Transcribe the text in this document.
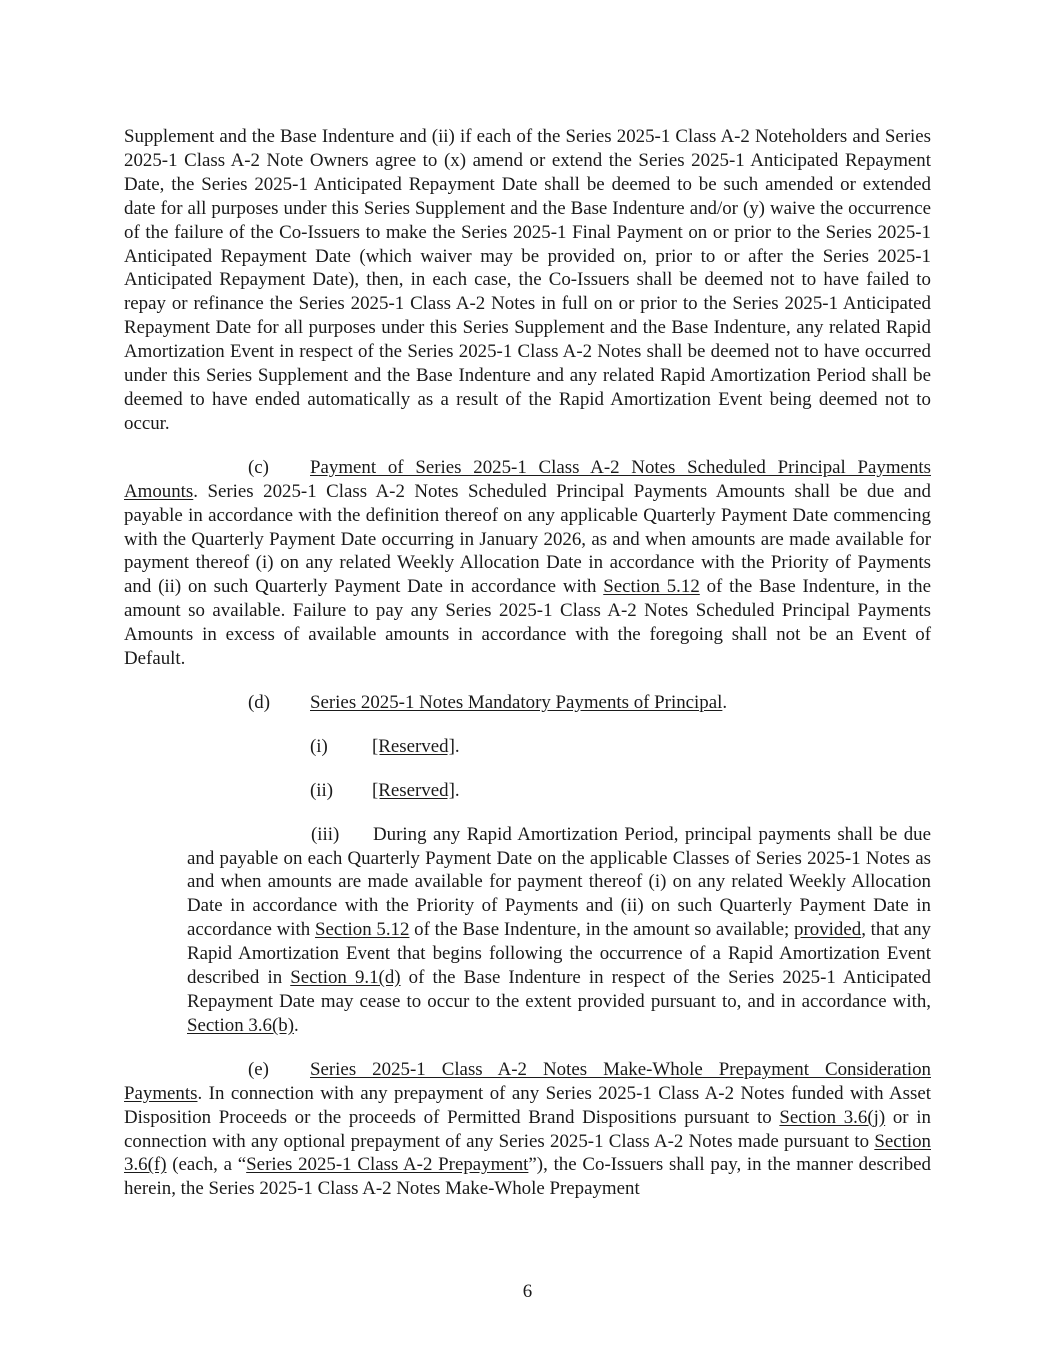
Supplement and the Base Indenture and (ii) if each of the Series 2025-1 Class A-2 Noteholders and Series 2025-1 Class A-2 Note Owners agree to (x) amend or extend the Series 2025-1 Anticipated Repayment Date, the Series 2025-1 Anticipated Repayment Date shall be deemed to be such amended or extended date for all purposes under this Series Supplement and the Base Indenture and/or (y) waive the occurrence of the failure of the Co-Issuers to make the Series 2025-1 Final Payment on or prior to the Series 2025-1 Anticipated Repayment Date (which waiver may be provided on, prior to or after the Series 2025-1 Anticipated Repayment Date), then, in each case, the Co-Issuers shall be deemed not to have failed to repay or refinance the Series 2025-1 Class A-2 Notes in full on or prior to the Series 2025-1 Anticipated Repayment Date for all purposes under this Series Supplement and the Base Indenture, any related Rapid Amortization Event in respect of the Series 2025-1 Class A-2 Notes shall be deemed not to have occurred under this Series Supplement and the Base Indenture and any related Rapid Amortization Period shall be deemed to have ended automatically as a result of the Rapid Amortization Event being deemed not to occur.

(c) Payment of Series 2025-1 Class A-2 Notes Scheduled Principal Payments Amounts. Series 2025-1 Class A-2 Notes Scheduled Principal Payments Amounts shall be due and payable in accordance with the definition thereof on any applicable Quarterly Payment Date commencing with the Quarterly Payment Date occurring in January 2026, as and when amounts are made available for payment thereof (i) on any related Weekly Allocation Date in accordance with the Priority of Payments and (ii) on such Quarterly Payment Date in accordance with Section 5.12 of the Base Indenture, in the amount so available. Failure to pay any Series 2025-1 Class A-2 Notes Scheduled Principal Payments Amounts in excess of available amounts in accordance with the foregoing shall not be an Event of Default.

(d) Series 2025-1 Notes Mandatory Payments of Principal.

(i) [Reserved].

(ii) [Reserved].

(iii) During any Rapid Amortization Period, principal payments shall be due and payable on each Quarterly Payment Date on the applicable Classes of Series 2025-1 Notes as and when amounts are made available for payment thereof (i) on any related Weekly Allocation Date in accordance with the Priority of Payments and (ii) on such Quarterly Payment Date in accordance with Section 5.12 of the Base Indenture, in the amount so available; provided, that any Rapid Amortization Event that begins following the occurrence of a Rapid Amortization Event described in Section 9.1(d) of the Base Indenture in respect of the Series 2025-1 Anticipated Repayment Date may cease to occur to the extent provided pursuant to, and in accordance with, Section 3.6(b).

(e) Series 2025-1 Class A-2 Notes Make-Whole Prepayment Consideration Payments. In connection with any prepayment of any Series 2025-1 Class A-2 Notes funded with Asset Disposition Proceeds or the proceeds of Permitted Brand Dispositions pursuant to Section 3.6(j) or in connection with any optional prepayment of any Series 2025-1 Class A-2 Notes made pursuant to Section 3.6(f) (each, a “Series 2025-1 Class A-2 Prepayment”), the Co-Issuers shall pay, in the manner described herein, the Series 2025-1 Class A-2 Notes Make-Whole Prepayment

6
